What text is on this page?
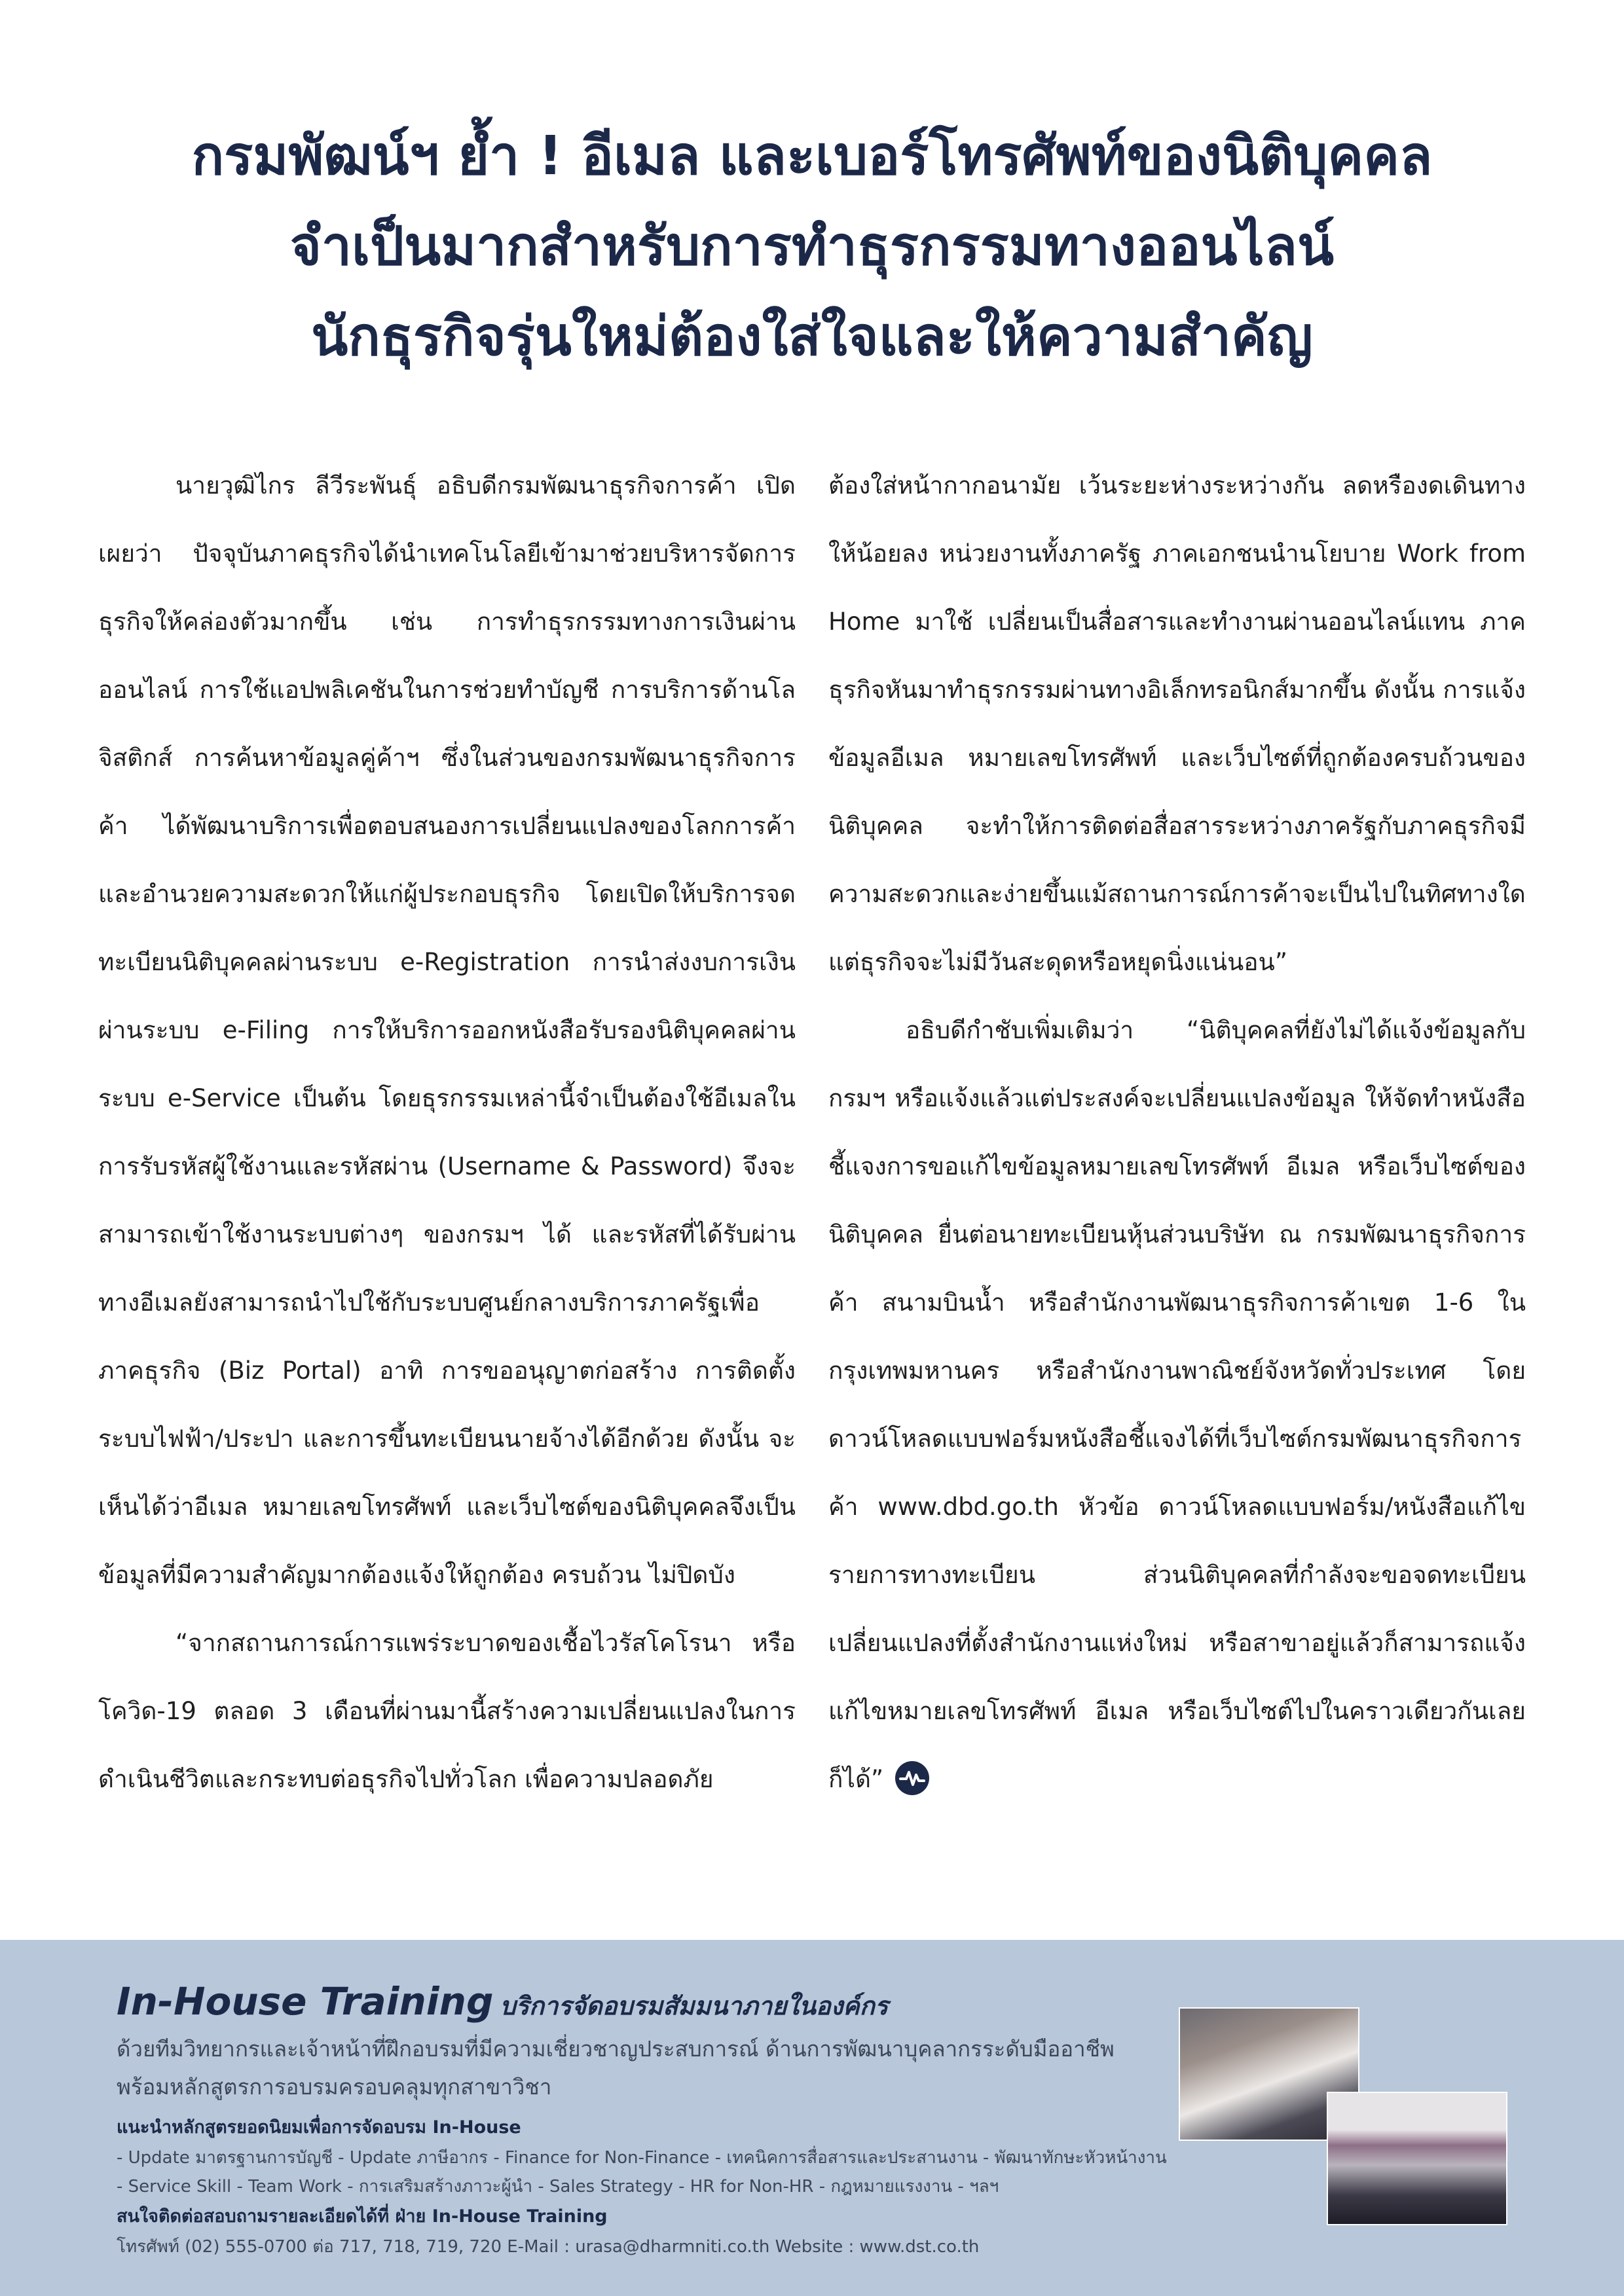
กรมพัฒน์ฯ ย้ำ ! อีเมล และเบอร์โทรศัพท์ของนิติบุคคล
จำเป็นมากสำหรับการทำธุรกรรมทางออนไลน์
นักธุรกิจรุ่นใหม่ต้องใส่ใจและให้ความสำคัญ

นายวุฒิไกร ลีวีระพันธุ์ อธิบดีกรมพัฒนาธุรกิจการค้า เปิดเผยว่า ปัจจุบันภาคธุรกิจได้นำเทคโนโลยีเข้ามาช่วยบริหารจัดการธุรกิจให้คล่องตัวมากขึ้น เช่น การทำธุรกรรมทางการเงินผ่านออนไลน์ การใช้แอปพลิเคชันในการช่วยทำบัญชี การบริการด้านโลจิสติกส์ การค้นหาข้อมูลคู่ค้าฯ ซึ่งในส่วนของกรมพัฒนาธุรกิจการค้า ได้พัฒนาบริการเพื่อตอบสนองการเปลี่ยนแปลงของโลกการค้าและอำนวยความสะดวกให้แก่ผู้ประกอบธุรกิจ โดยเปิดให้บริการจดทะเบียนนิติบุคคลผ่านระบบ e-Registration การนำส่งงบการเงินผ่านระบบ e-Filing การให้บริการออกหนังสือรับรองนิติบุคคลผ่านระบบ e-Service เป็นต้น โดยธุรกรรมเหล่านี้จำเป็นต้องใช้อีเมลในการรับรหัสผู้ใช้งานและรหัสผ่าน (Username & Password) จึงจะสามารถเข้าใช้งานระบบต่างๆ ของกรมฯ ได้ และรหัสที่ได้รับผ่านทางอีเมลยังสามารถนำไปใช้กับระบบศูนย์กลางบริการภาครัฐเพื่อภาคธุรกิจ (Biz Portal) อาทิ การขออนุญาตก่อสร้าง การติดตั้งระบบไฟฟ้า/ประปา และการขึ้นทะเบียนนายจ้างได้อีกด้วย ดังนั้น จะเห็นได้ว่าอีเมล หมายเลขโทรศัพท์ และเว็บไซต์ของนิติบุคคลจึงเป็นข้อมูลที่มีความสำคัญมากต้องแจ้งให้ถูกต้อง ครบถ้วน ไม่ปิดบัง

“จากสถานการณ์การแพร่ระบาดของเชื้อไวรัสโคโรนา หรือโควิด-19 ตลอด 3 เดือนที่ผ่านมานี้สร้างความเปลี่ยนแปลงในการดำเนินชีวิตและกระทบต่อธุรกิจไปทั่วโลก เพื่อความปลอดภัย

ต้องใส่หน้ากากอนามัย เว้นระยะห่างระหว่างกัน ลดหรืองดเดินทางให้น้อยลง หน่วยงานทั้งภาครัฐ ภาคเอกชนนำนโยบาย Work from Home มาใช้ เปลี่ยนเป็นสื่อสารและทำงานผ่านออนไลน์แทน ภาคธุรกิจหันมาทำธุรกรรมผ่านทางอิเล็กทรอนิกส์มากขึ้น ดังนั้น การแจ้งข้อมูลอีเมล หมายเลขโทรศัพท์ และเว็บไซต์ที่ถูกต้องครบถ้วนของนิติบุคคล จะทำให้การติดต่อสื่อสารระหว่างภาครัฐกับภาคธุรกิจมีความสะดวกและง่ายขึ้นแม้สถานการณ์การค้าจะเป็นไปในทิศทางใด แต่ธุรกิจจะไม่มีวันสะดุดหรือหยุดนิ่งแน่นอน”

อธิบดีกำชับเพิ่มเติมว่า “นิติบุคคลที่ยังไม่ได้แจ้งข้อมูลกับกรมฯ หรือแจ้งแล้วแต่ประสงค์จะเปลี่ยนแปลงข้อมูล ให้จัดทำหนังสือชี้แจงการขอแก้ไขข้อมูลหมายเลขโทรศัพท์ อีเมล หรือเว็บไซต์ของนิติบุคคล ยื่นต่อนายทะเบียนหุ้นส่วนบริษัท ณ กรมพัฒนาธุรกิจการค้า สนามบินน้ำ หรือสำนักงานพัฒนาธุรกิจการค้าเขต 1-6 ในกรุงเทพมหานคร หรือสำนักงานพาณิชย์จังหวัดทั่วประเทศ โดยดาวน์โหลดแบบฟอร์มหนังสือชี้แจงได้ที่เว็บไซต์กรมพัฒนาธุรกิจการค้า www.dbd.go.th หัวข้อ ดาวน์โหลดแบบฟอร์ม/หนังสือแก้ไขรายการทางทะเบียน ส่วนนิติบุคคลที่กำลังจะขอจดทะเบียนเปลี่ยนแปลงที่ตั้งสำนักงานแห่งใหม่ หรือสาขาอยู่แล้วก็สามารถแจ้งแก้ไขหมายเลขโทรศัพท์ อีเมล หรือเว็บไซต์ไปในคราวเดียวกันเลยก็ได้”

In-House Training บริการจัดอบรมสัมมนาภายในองค์กร
ด้วยทีมวิทยากรและเจ้าหน้าที่ฝึกอบรมที่มีความเชี่ยวชาญประสบการณ์ ด้านการพัฒนาบุคลากรระดับมืออาชีพ
พร้อมหลักสูตรการอบรมครอบคลุมทุกสาขาวิชา
แนะนำหลักสูตรยอดนิยมเพื่อการจัดอบรม In-House
- Update มาตรฐานการบัญชี - Update ภาษีอากร - Finance for Non-Finance - เทคนิคการสื่อสารและประสานงาน - พัฒนาทักษะหัวหน้างาน
- Service Skill - Team Work - การเสริมสร้างภาวะผู้นำ - Sales Strategy - HR for Non-HR - กฎหมายแรงงาน - ฯลฯ
สนใจติดต่อสอบถามรายละเอียดได้ที่ ฝ่าย In-House Training
โทรศัพท์ (02) 555-0700 ต่อ 717, 718, 719, 720 E-Mail : urasa@dharmniti.co.th Website : www.dst.co.th
